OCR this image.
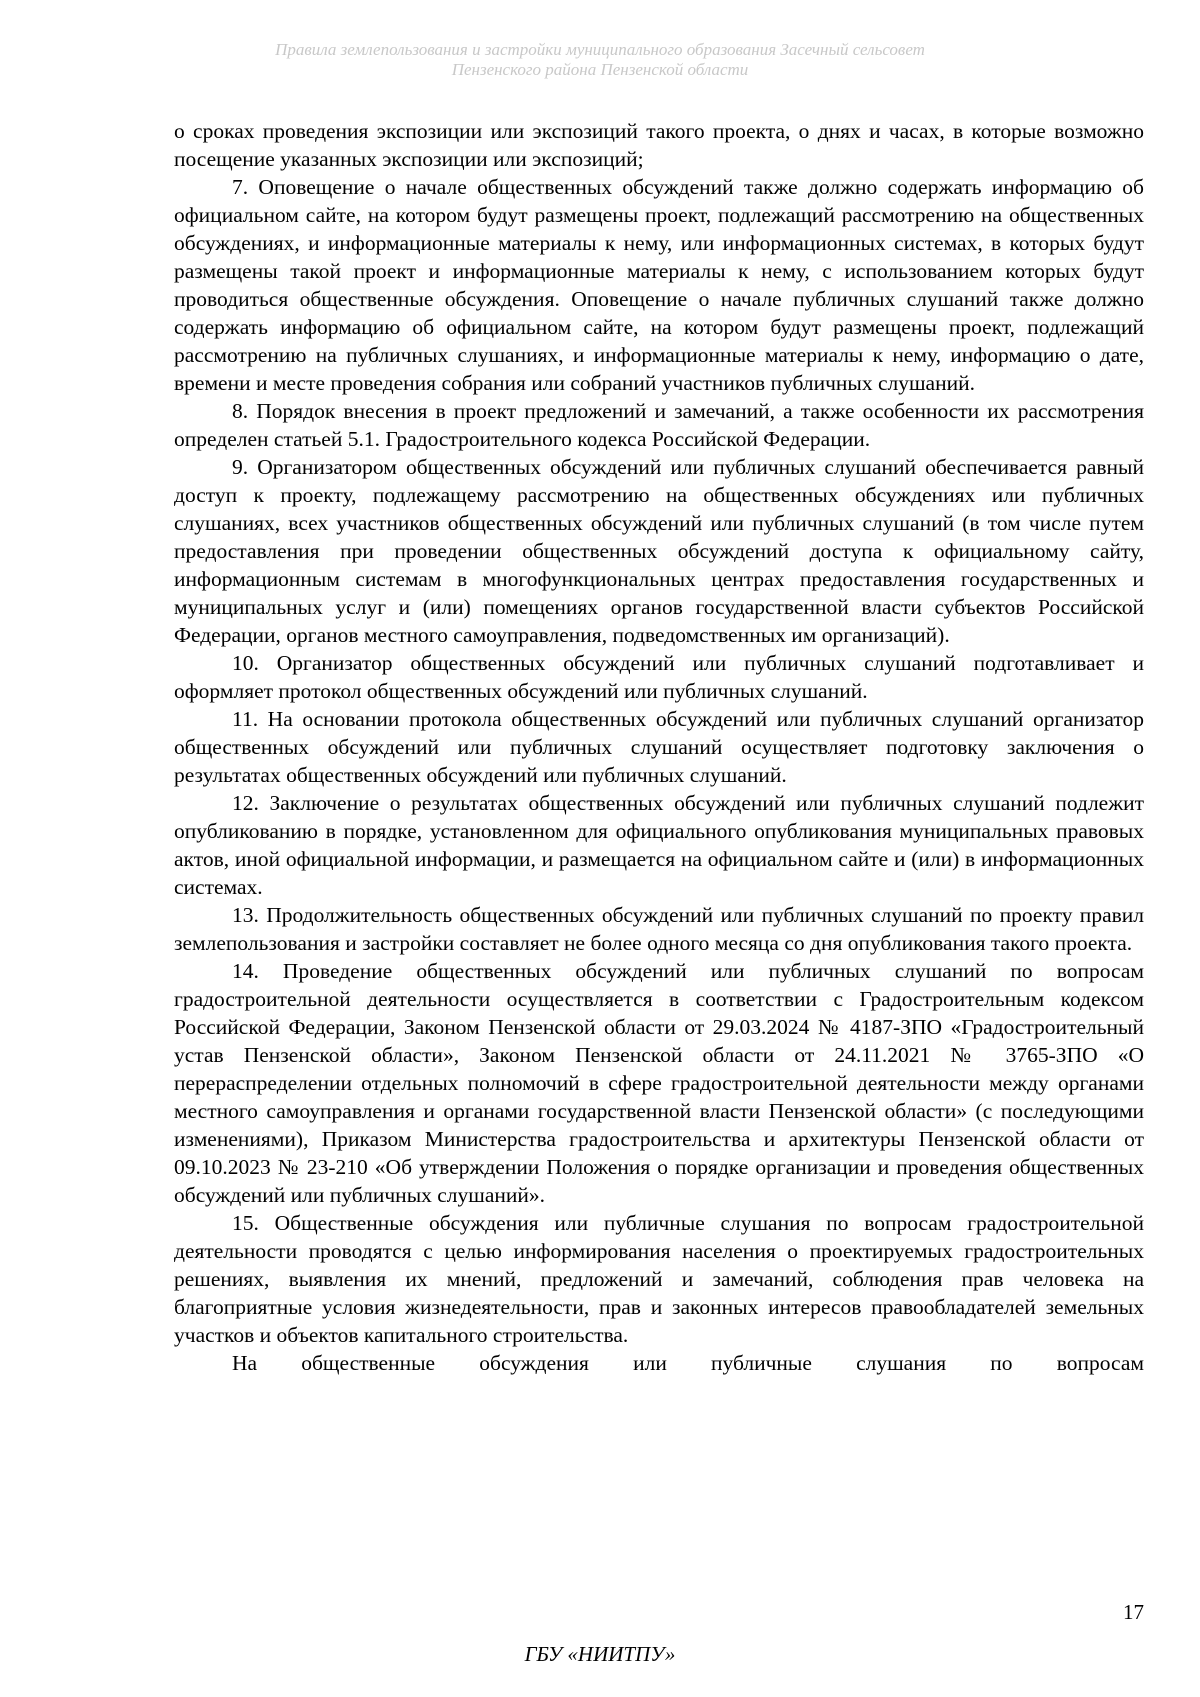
Правила землепользования и застройки муниципального образования Засечный сельсовет
Пензенского района Пензенской области

о сроках проведения экспозиции или экспозиций такого проекта, о днях и часах, в которые возможно посещение указанных экспозиции или экспозиций;

7. Оповещение о начале общественных обсуждений также должно содержать информацию об официальном сайте, на котором будут размещены проект, подлежащий рассмотрению на общественных обсуждениях, и информационные материалы к нему, или информационных системах, в которых будут размещены такой проект и информационные материалы к нему, с использованием которых будут проводиться общественные обсуждения. Оповещение о начале публичных слушаний также должно содержать информацию об официальном сайте, на котором будут размещены проект, подлежащий рассмотрению на публичных слушаниях, и информационные материалы к нему, информацию о дате, времени и месте проведения собрания или собраний участников публичных слушаний.

8. Порядок внесения в проект предложений и замечаний, а также особенности их рассмотрения определен статьей 5.1. Градостроительного кодекса Российской Федерации.

9. Организатором общественных обсуждений или публичных слушаний обеспечивается равный доступ к проекту, подлежащему рассмотрению на общественных обсуждениях или публичных слушаниях, всех участников общественных обсуждений или публичных слушаний (в том числе путем предоставления при проведении общественных обсуждений доступа к официальному сайту, информационным системам в многофункциональных центрах предоставления государственных и муниципальных услуг и (или) помещениях органов государственной власти субъектов Российской Федерации, органов местного самоуправления, подведомственных им организаций).

10. Организатор общественных обсуждений или публичных слушаний подготавливает и оформляет протокол общественных обсуждений или публичных слушаний.

11. На основании протокола общественных обсуждений или публичных слушаний организатор общественных обсуждений или публичных слушаний осуществляет подготовку заключения о результатах общественных обсуждений или публичных слушаний.

12. Заключение о результатах общественных обсуждений или публичных слушаний подлежит опубликованию в порядке, установленном для официального опубликования муниципальных правовых актов, иной официальной информации, и размещается на официальном сайте и (или) в информационных системах.

13. Продолжительность общественных обсуждений или публичных слушаний по проекту правил землепользования и застройки составляет не более одного месяца со дня опубликования такого проекта.

14. Проведение общественных обсуждений или публичных слушаний по вопросам градостроительной деятельности осуществляется в соответствии с Градостроительным кодексом Российской Федерации, Законом Пензенской области от 29.03.2024 № 4187-ЗПО «Градостроительный устав Пензенской области», Законом Пензенской области от 24.11.2021 № 3765-ЗПО «О перераспределении отдельных полномочий в сфере градостроительной деятельности между органами местного самоуправления и органами государственной власти Пензенской области» (с последующими изменениями), Приказом Министерства градостроительства и архитектуры Пензенской области от 09.10.2023 № 23-210 «Об утверждении Положения о порядке организации и проведения общественных обсуждений или публичных слушаний».

15. Общественные обсуждения или публичные слушания по вопросам градостроительной деятельности проводятся с целью информирования населения о проектируемых градостроительных решениях, выявления их мнений, предложений и замечаний, соблюдения прав человека на благоприятные условия жизнедеятельности, прав и законных интересов правообладателей земельных участков и объектов капитального строительства.

На общественные обсуждения или публичные слушания по вопросам

17
ГБУ «НИИТПУ»
